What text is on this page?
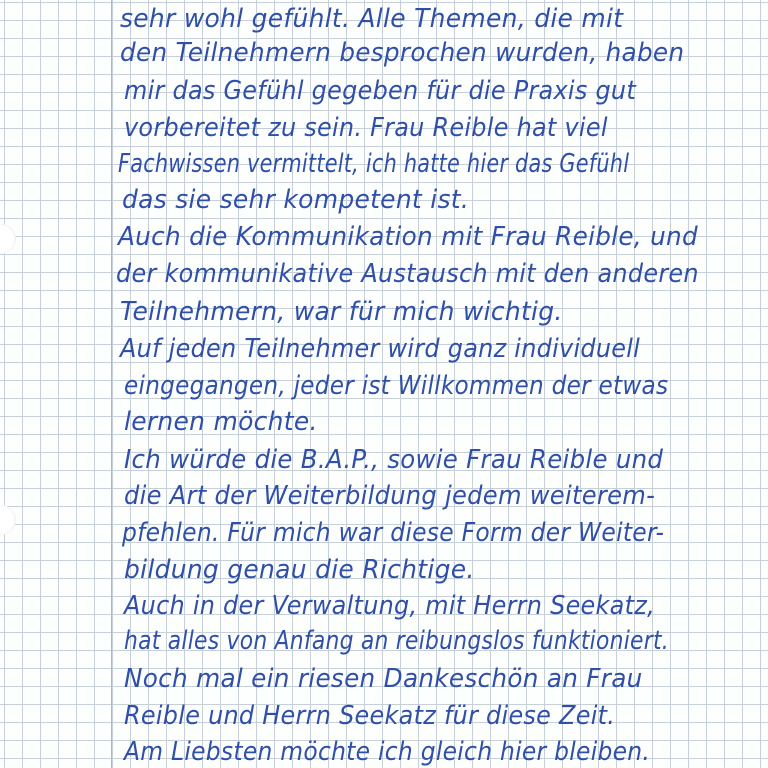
sehr wohl gefühlt. Alle Themen, die mit

den Teilnehmern besprochen wurden, haben

mir das Gefühl gegeben für die Praxis gut

vorbereitet zu sein. Frau Reible hat viel

Fachwissen vermittelt, ich hatte hier das Gefühl

das sie sehr kompetent ist.

Auch die Kommunikation mit Frau Reible, und

der kommunikative Austausch mit den anderen

Teilnehmern, war für mich wichtig.

Auf jeden Teilnehmer wird ganz individuell

eingegangen, jeder ist Willkommen der etwas

lernen möchte.

Ich würde die B.A.P., sowie Frau Reible und

die Art der Weiterbildung jedem weiterem-

pfehlen. Für mich war diese Form der Weiter-

bildung genau die Richtige.

Auch in der Verwaltung, mit Herrn Seekatz,

hat alles von Anfang an reibungslos funktioniert.

Noch mal ein riesen Dankeschön an Frau

Reible und Herrn Seekatz für diese Zeit.

Am Liebsten möchte ich gleich hier bleiben.
